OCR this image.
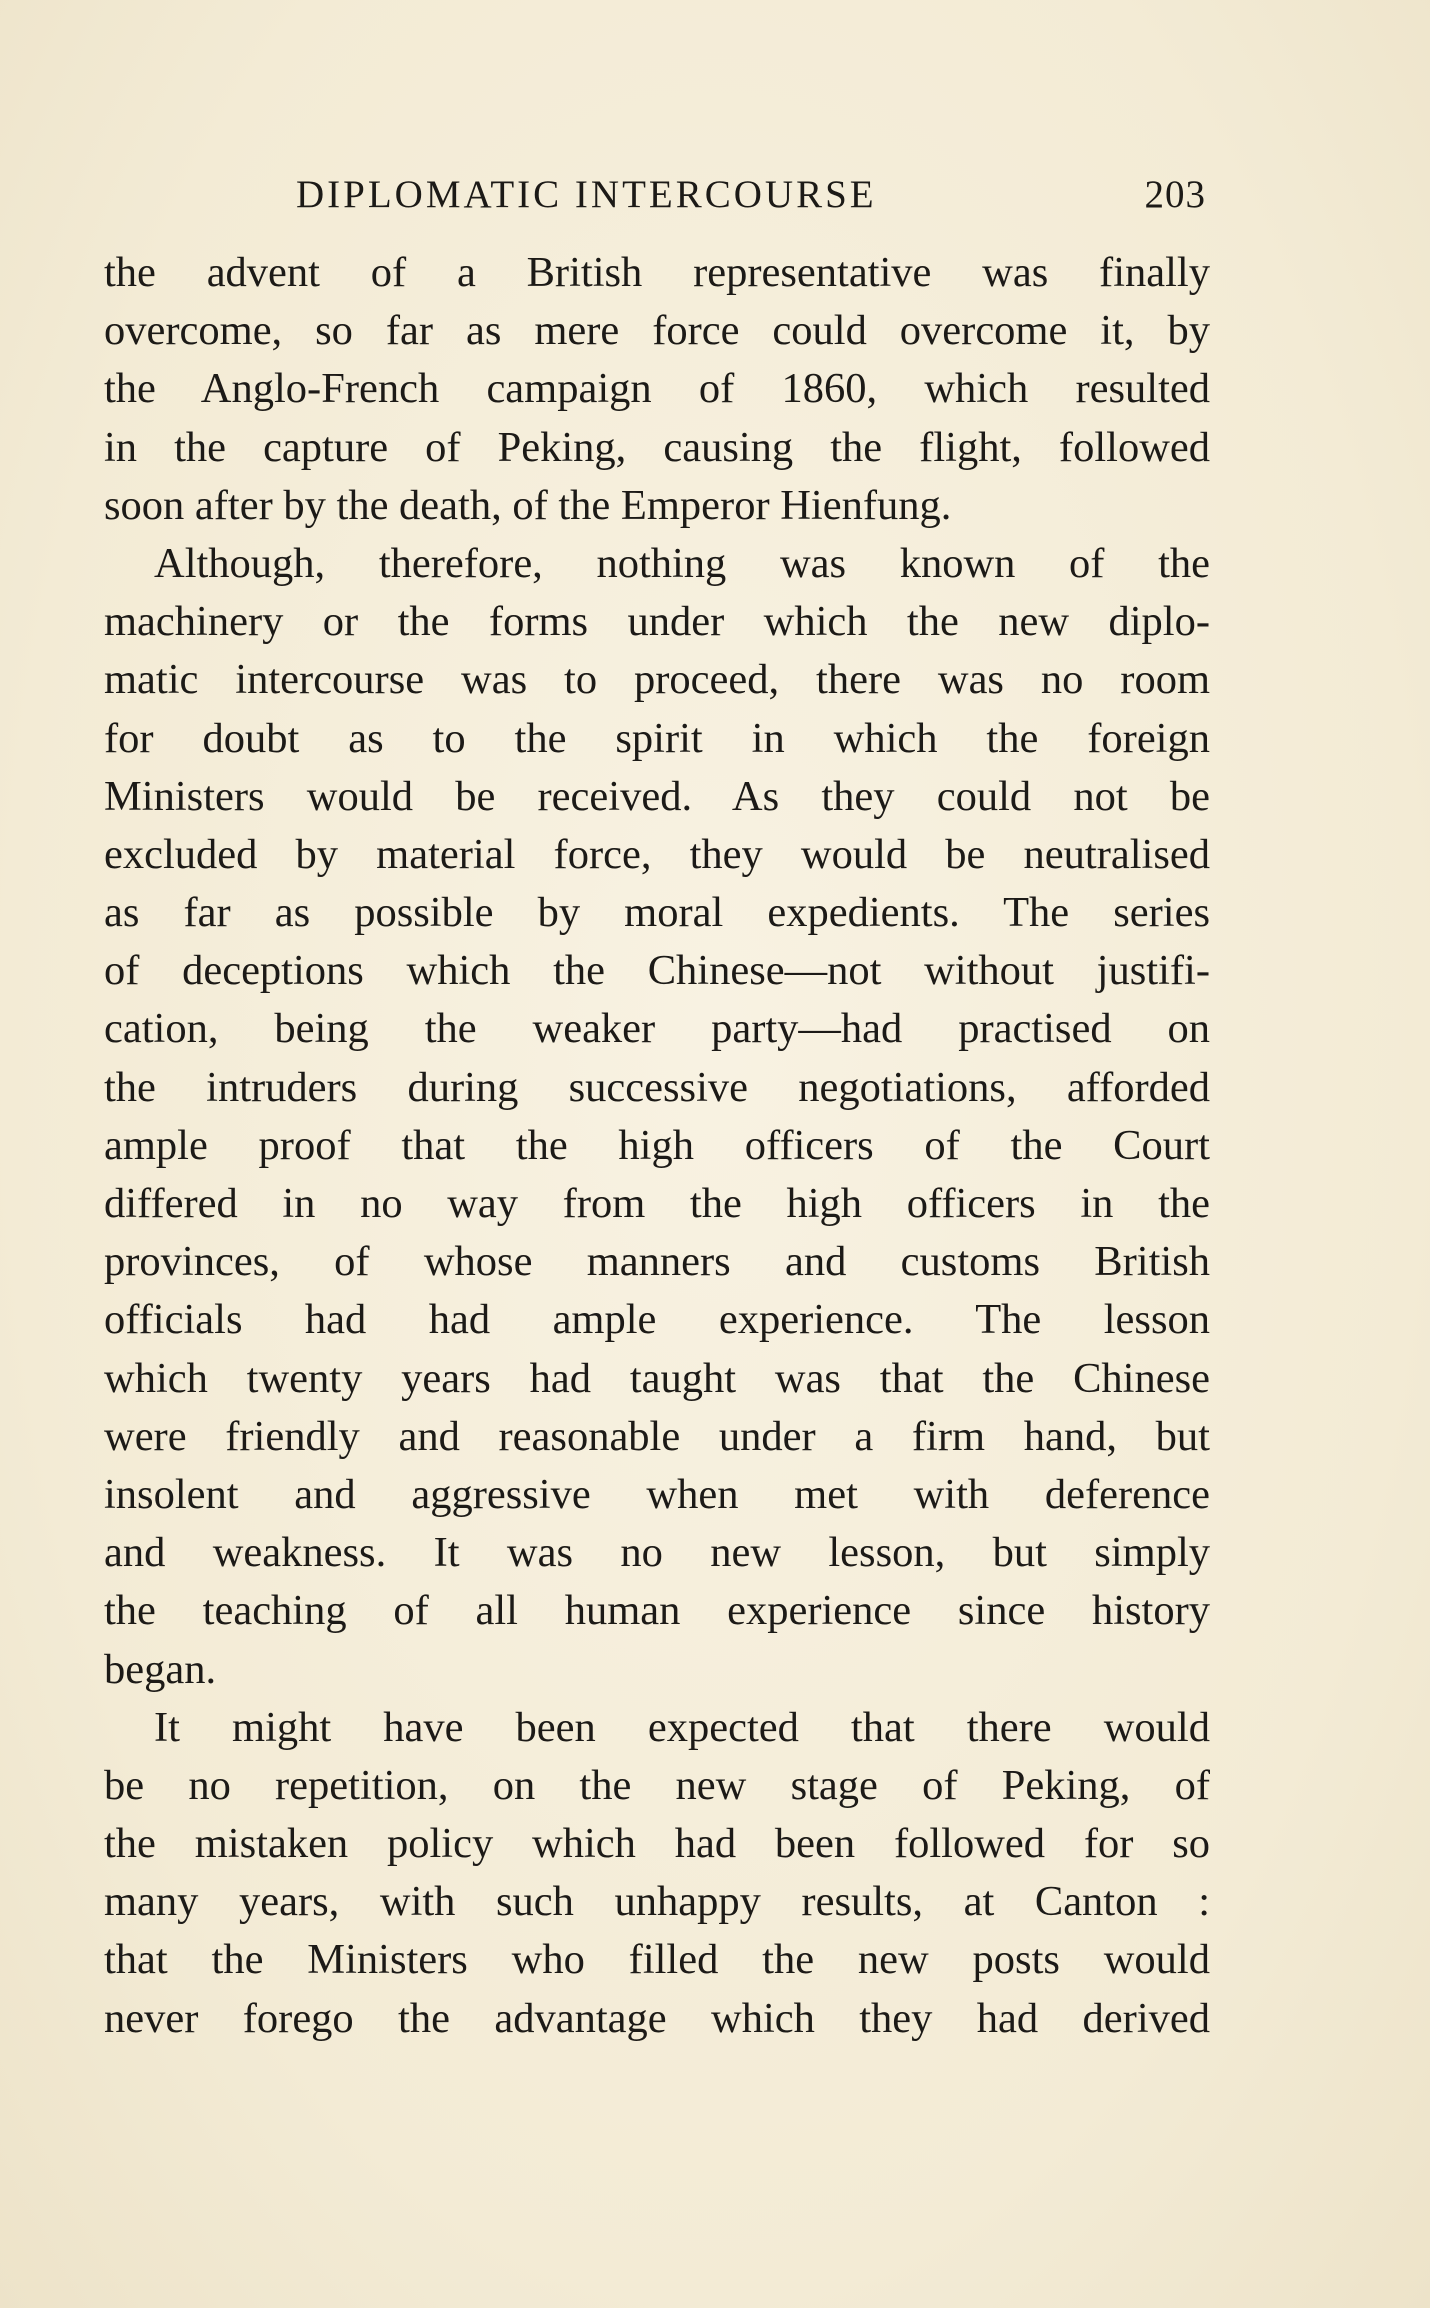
DIPLOMATIC INTERCOURSE	203
the advent of a British representative was finally
overcome, so far as mere force could overcome it, by
the Anglo-French campaign of 1860, which resulted
in the capture of Peking, causing the flight, followed
soon after by the death, of the Emperor Hienfung.
Although, therefore, nothing was known of the
machinery or the forms under which the new diplo-
matic intercourse was to proceed, there was no room
for doubt as to the spirit in which the foreign
Ministers would be received. As they could not be
excluded by material force, they would be neutralised
as far as possible by moral expedients. The series
of deceptions which the Chinese—not without justifi-
cation, being the weaker party—had practised on
the intruders during successive negotiations, afforded
ample proof that the high officers of the Court
differed in no way from the high officers in the
provinces, of whose manners and customs British
officials had had ample experience. The lesson
which twenty years had taught was that the Chinese
were friendly and reasonable under a firm hand, but
insolent and aggressive when met with deference
and weakness. It was no new lesson, but simply
the teaching of all human experience since history
began.
It might have been expected that there would
be no repetition, on the new stage of Peking, of
the mistaken policy which had been followed for so
many years, with such unhappy results, at Canton :
that the Ministers who filled the new posts would
never forego the advantage which they had derived
